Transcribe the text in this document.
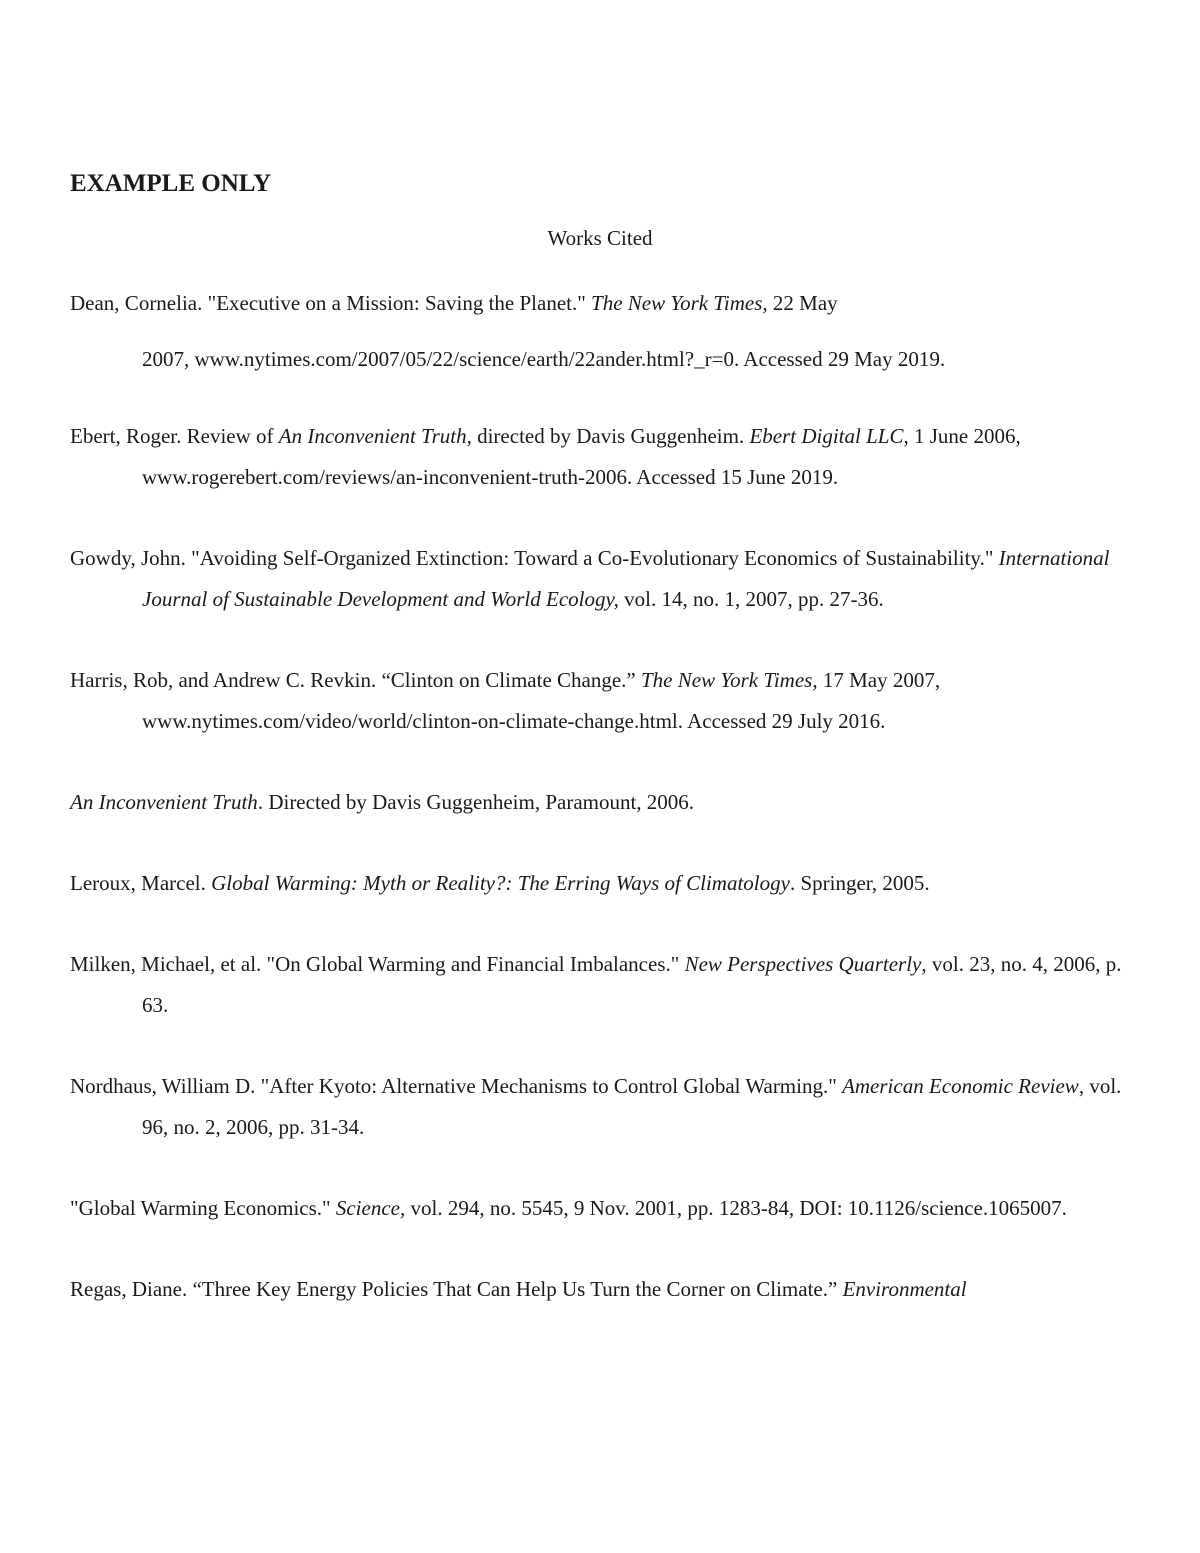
EXAMPLE ONLY

Works Cited

Dean, Cornelia. "Executive on a Mission: Saving the Planet." The New York Times, 22 May
2007, www.nytimes.com/2007/05/22/science/earth/22ander.html?_r=0. Accessed 29 May 2019.

Ebert, Roger. Review of An Inconvenient Truth, directed by Davis Guggenheim. Ebert Digital LLC, 1 June 2006, www.rogerebert.com/reviews/an-inconvenient-truth-2006. Accessed 15 June 2019.

Gowdy, John. "Avoiding Self-Organized Extinction: Toward a Co-Evolutionary Economics of Sustainability." International Journal of Sustainable Development and World Ecology, vol. 14, no. 1, 2007, pp. 27-36.

Harris, Rob, and Andrew C. Revkin. “Clinton on Climate Change.” The New York Times, 17 May 2007, www.nytimes.com/video/world/clinton-on-climate-change.html. Accessed 29 July 2016.

An Inconvenient Truth. Directed by Davis Guggenheim, Paramount, 2006.

Leroux, Marcel. Global Warming: Myth or Reality?: The Erring Ways of Climatology. Springer, 2005.

Milken, Michael, et al. "On Global Warming and Financial Imbalances." New Perspectives Quarterly, vol. 23, no. 4, 2006, p. 63.

Nordhaus, William D. "After Kyoto: Alternative Mechanisms to Control Global Warming." American Economic Review, vol. 96, no. 2, 2006, pp. 31-34.

"Global Warming Economics." Science, vol. 294, no. 5545, 9 Nov. 2001, pp. 1283-84, DOI: 10.1126/science.1065007.

Regas, Diane. “Three Key Energy Policies That Can Help Us Turn the Corner on Climate.” Environmental
